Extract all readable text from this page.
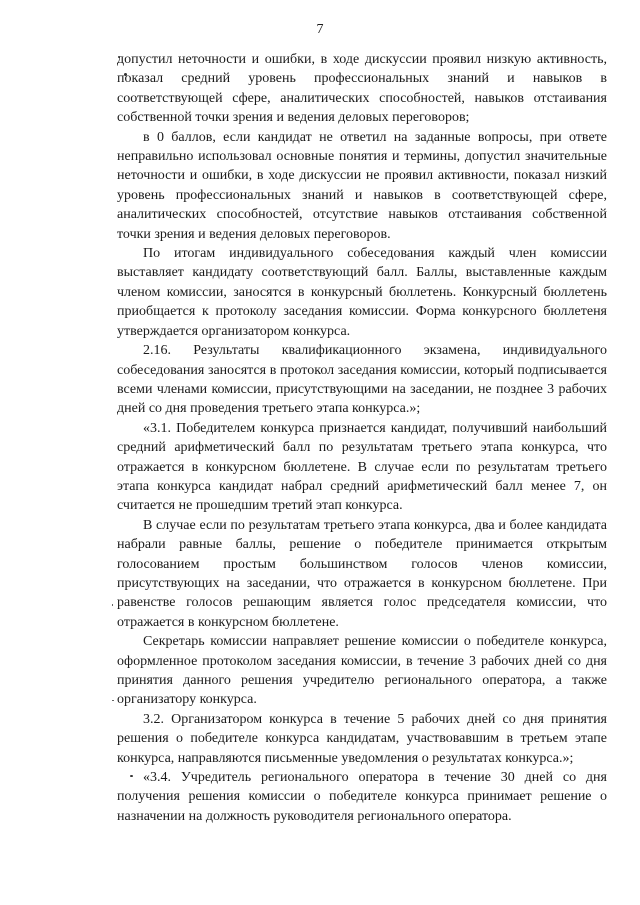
7

допустил неточности и ошибки, в ходе дискуссии проявил низкую активность, показал средний уровень профессиональных знаний и навыков в соответствующей сфере, аналитических способностей, навыков отстаивания собственной точки зрения и ведения деловых переговоров;

в 0 баллов, если кандидат не ответил на заданные вопросы, при ответе неправильно использовал основные понятия и термины, допустил значительные неточности и ошибки, в ходе дискуссии не проявил активности, показал низкий уровень профессиональных знаний и навыков в соответствующей сфере, аналитических способностей, отсутствие навыков отстаивания собственной точки зрения и ведения деловых переговоров.

По итогам индивидуального собеседования каждый член комиссии выставляет кандидату соответствующий балл. Баллы, выставленные каждым членом комиссии, заносятся в конкурсный бюллетень. Конкурсный бюллетень приобщается к протоколу заседания комиссии. Форма конкурсного бюллетеня утверждается организатором конкурса.

2.16. Результаты квалификационного экзамена, индивидуального собеседования заносятся в протокол заседания комиссии, который подписывается всеми членами комиссии, присутствующими на заседании, не позднее 3 рабочих дней со дня проведения третьего этапа конкурса.»;

«3.1. Победителем конкурса признается кандидат, получивший наибольший средний арифметический балл по результатам третьего этапа конкурса, что отражается в конкурсном бюллетене. В случае если по результатам третьего этапа конкурса кандидат набрал средний арифметический балл менее 7, он считается не прошедшим третий этап конкурса.

В случае если по результатам третьего этапа конкурса, два и более кандидата набрали равные баллы, решение о победителе принимается открытым голосованием простым большинством голосов членов комиссии, присутствующих на заседании, что отражается в конкурсном бюллетене. При равенстве голосов решающим является голос председателя комиссии, что отражается в конкурсном бюллетене.

Секретарь комиссии направляет решение комиссии о победителе конкурса, оформленное протоколом заседания комиссии, в течение 3 рабочих дней со дня принятия данного решения учредителю регионального оператора, а также организатору конкурса.

3.2. Организатором конкурса в течение 5 рабочих дней со дня принятия решения о победителе конкурса кандидатам, участвовавшим в третьем этапе конкурса, направляются письменные уведомления о результатах конкурса.»;

«3.4. Учредитель регионального оператора в течение 30 дней со дня получения решения комиссии о победителе конкурса принимает решение о назначении на должность руководителя регионального оператора.
